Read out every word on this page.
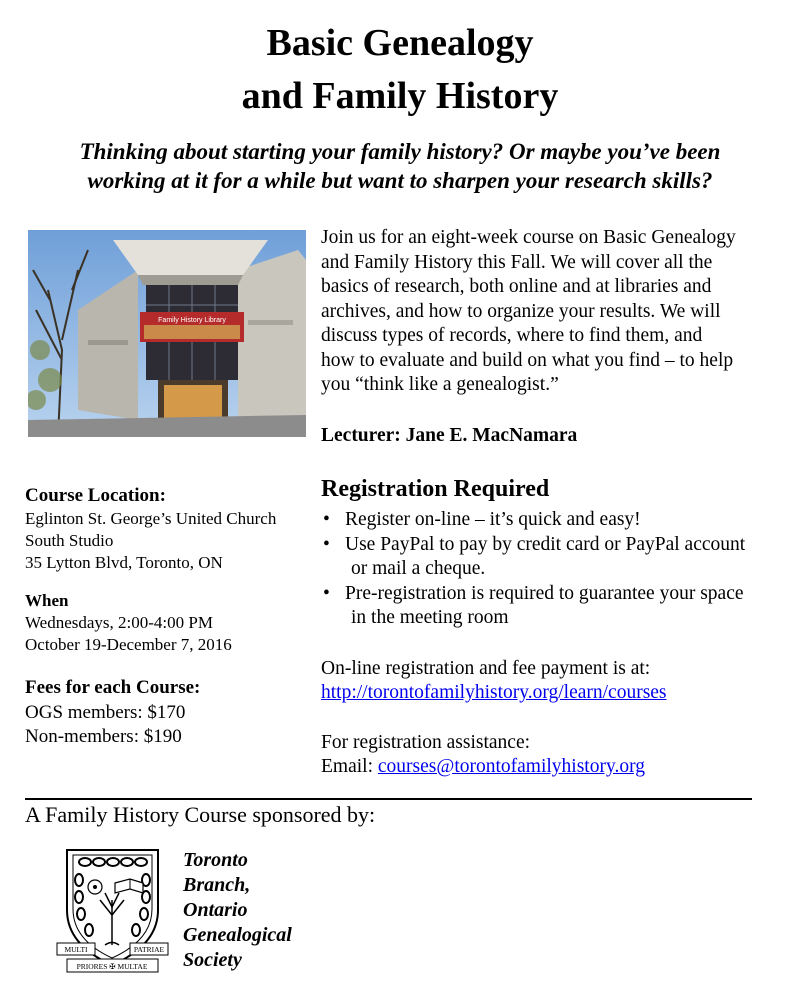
Basic Genealogy
and Family History
Thinking about starting your family history? Or maybe you’ve been
working at it for a while but want to sharpen your research skills?
Family History Library
Join us for an eight-week course on Basic Genealogy
and Family History this Fall. We will cover all the
basics of research, both online and at libraries and
archives, and how to organize your results. We will
discuss types of records, where to find them, and
how to evaluate and build on what you find – to help
you “think like a genealogist.”
Lecturer: Jane E. MacNamara
Course Location:
Eglinton St. George’s United Church
South Studio
35 Lytton Blvd, Toronto, ON
When
Wednesdays, 2:00-4:00 PM
October 19-December 7, 2016
Fees for each Course:
OGS members: $170
Non-members: $190
Registration Required
• Register on-line – it’s quick and easy!
• Use PayPal to pay by credit card or PayPal account
or mail a cheque.
• Pre-registration is required to guarantee your space
in the meeting room
On-line registration and fee payment is at:
http://torontofamilyhistory.org/learn/courses
For registration assistance:
Email: courses@torontofamilyhistory.org
A Family History Course sponsored by:
MULTI	PATRIAE
PRIORES ✠ MULTAE
Toronto
Branch,
Ontario
Genealogical
Society
